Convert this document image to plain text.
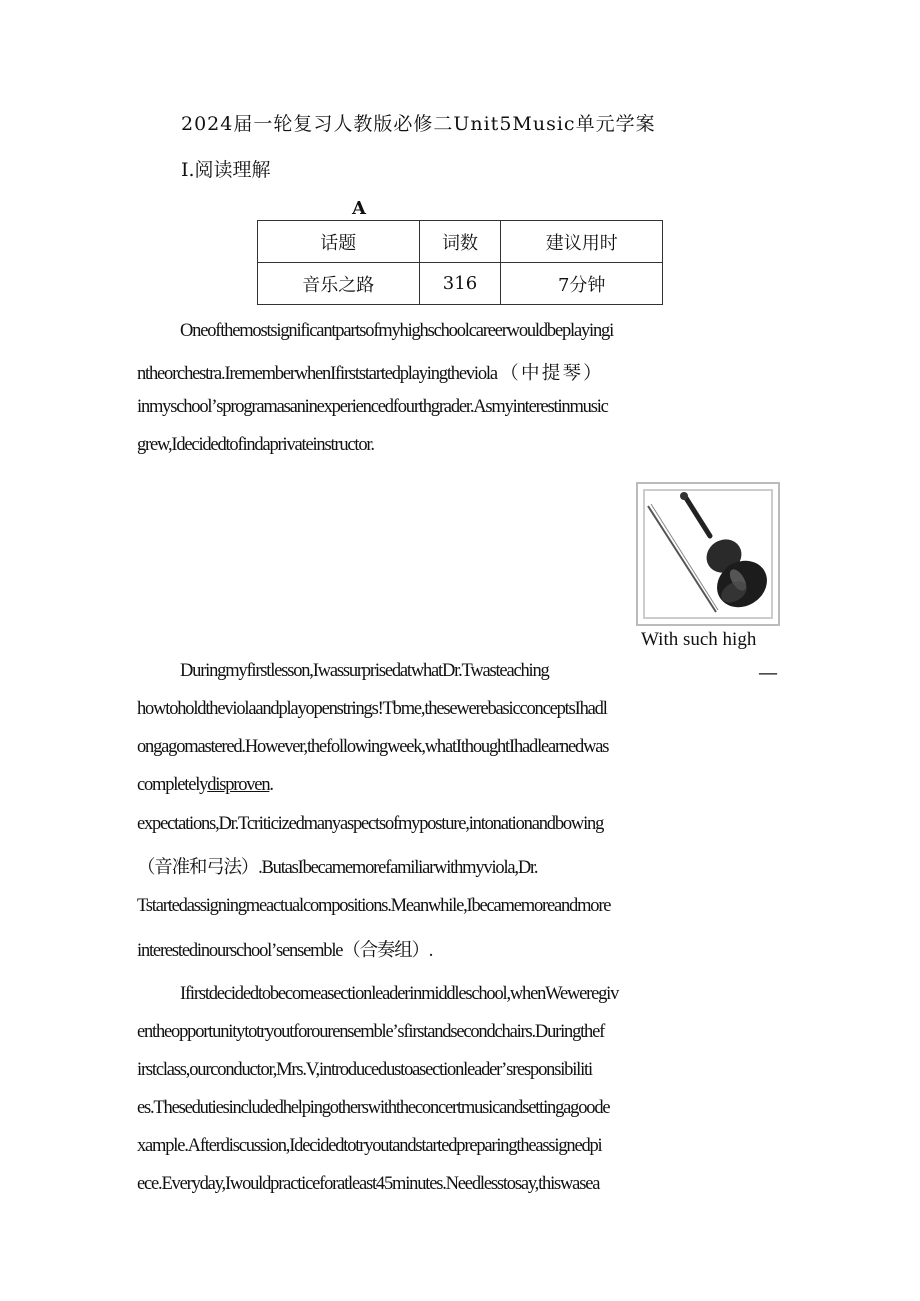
2024届一轮复习人教版必修二Unit5Music单元学案
Ⅰ.阅读理解
A
话题	词数	建议用时
音乐之路	316	7分钟
Oneofthemostsignificantpartsofmyhighschoolcareerwouldbeplayingi
ntheorchestra.IrememberwhenIfirststartedplayingtheviola （ 中 提 琴 ）
inmyschoolʼsprogramasaninexperiencedfourthgrader.Asmyinterestinmusic
grew,Idecidedtofindaprivateinstructor.
With such high
Duringmyfirstlesson,IwassurprisedatwhatDr.Twasteaching	—
howtoholdtheviolaandplayopenstrings!Tbme,thesewerebasicconceptsIhadl
ongagomastered.However,thefollowingweek,whatIthoughtIhadlearnedwas
completelydisproven.
expectations,Dr.Tcriticizedmanyaspectsofmyposture,intonationandbowing
（音准和弓法）.ButasIbecamemorefamiliarwithmyviola,Dr.
Tstartedassigningmeactualcompositions.Meanwhile,Ibecamemoreandmore
interestedinourschoolʼsensemble（合奏组）.
Ifirstdecidedtobecomeasectionleaderinmiddleschool,whenWeweregiv
entheopportunitytotryoutforourensembleʼsfirstandsecondchairs.Duringthef
irstclass,ourconductor,Mrs.V,introducedustoasectionleaderʼsresponsibiliti
es.Thesedutiesincludedhelpingotherswiththeconcertmusicandsettingagoode
xample.Afterdiscussion,Idecidedtotryoutandstartedpreparingtheassignedpi
ece.Everyday,Iwouldpracticeforatleast45minutes.Needlesstosay,thiswasea
